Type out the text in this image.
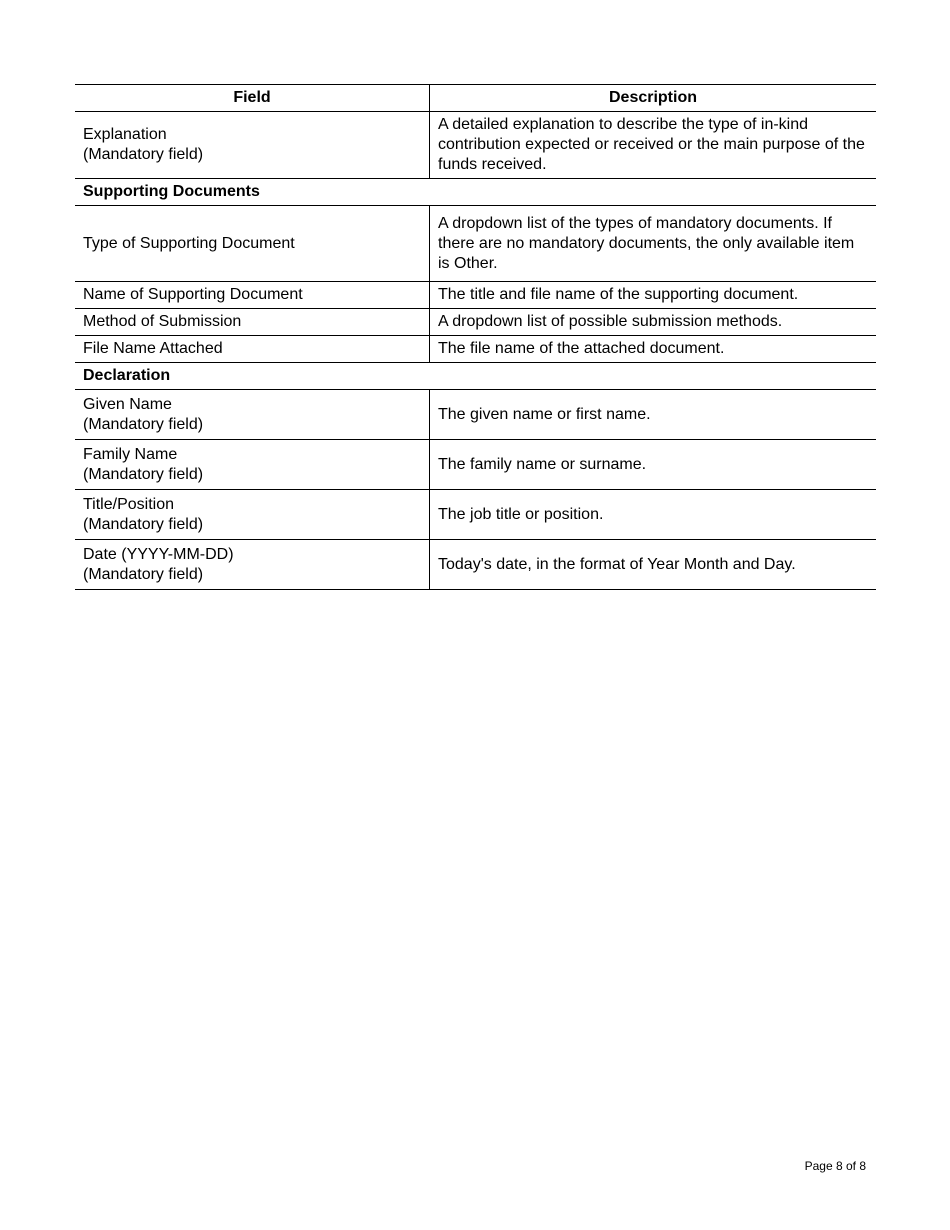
Field	Description

Explanation
(Mandatory field)	A detailed explanation to describe the type of in-kind contribution expected or received or the main purpose of the funds received.
Supporting Documents	
Type of Supporting Document	A dropdown list of the types of mandatory documents. If there are no mandatory documents, the only available item is Other.
Name of Supporting Document	The title and file name of the supporting document.
Method of Submission	A dropdown list of possible submission methods.
File Name Attached	The file name of the attached document.
Declaration	

Given Name
(Mandatory field)	The given name or first name.

Family Name
(Mandatory field)	The family name or surname.

Title/Position
(Mandatory field)	The job title or position.

Date (YYYY-MM-DD)
(Mandatory field)	Today's date, in the format of Year Month and Day.
Page 8 of 8
